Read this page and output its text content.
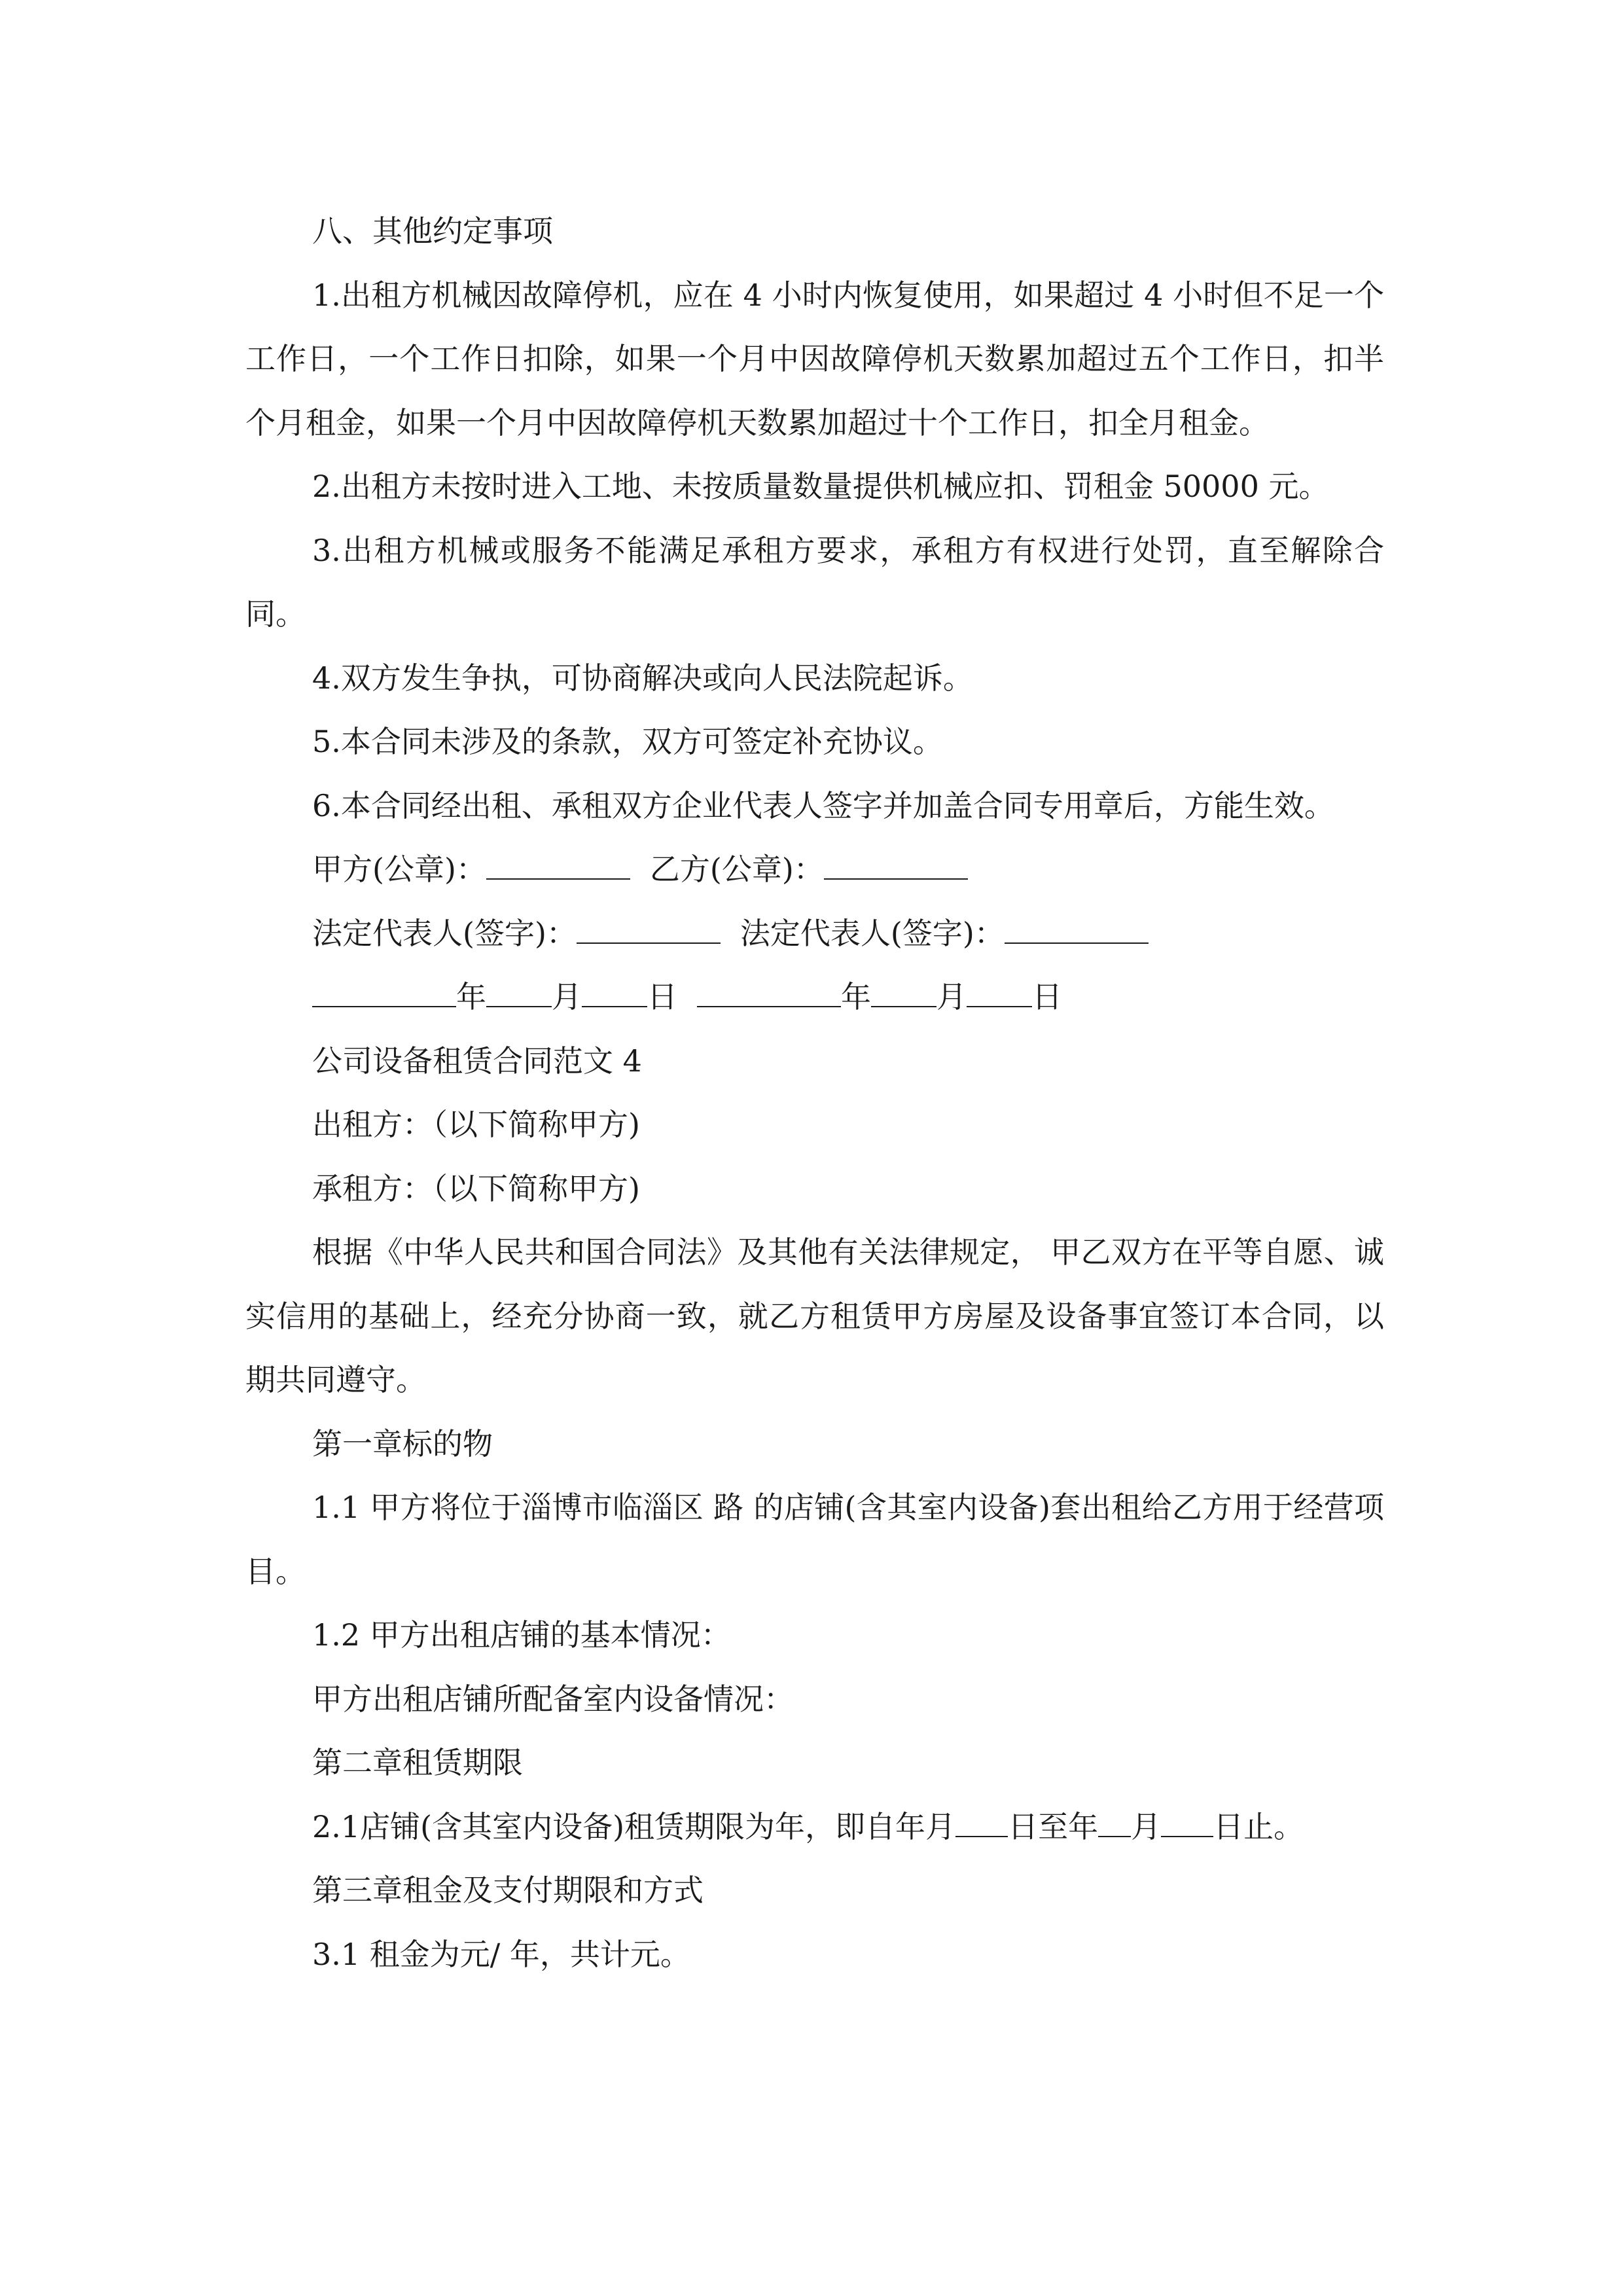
八、其他约定事项

1.出租方机械因故障停机，应在 4 小时内恢复使用，如果超过 4 小时但不足一个工作日，一个工作日扣除，如果一个月中因故障停机天数累加超过五个工作日，扣半个月租金，如果一个月中因故障停机天数累加超过十个工作日，扣全月租金。

2.出租方未按时进入工地、未按质量数量提供机械应扣、罚租金 50000 元。

3.出租方机械或服务不能满足承租方要求，承租方有权进行处罚，直至解除合同。

4.双方发生争执，可协商解决或向人民法院起诉。
5.本合同未涉及的条款，双方可签定补充协议。
6.本合同经出租、承租双方企业代表人签字并加盖合同专用章后，方能生效。
甲方(公章)：	乙方(公章)：
法定代表人(签字)：	法定代表人(签字)：
年 月 日	年 月 日
公司设备租赁合同范文 4
出租方：（以下简称甲方)
承租方：（以下简称甲方)

根据《中华人民共和国合同法》及其他有关法律规定， 甲乙双方在平等自愿、诚实信用的基础上，经充分协商一致，就乙方租赁甲方房屋及设备事宜签订本合同，以期共同遵守。

第一章标的物

1.1 甲方将位于淄博市临淄区 路 的店铺(含其室内设备)套出租给乙方用于经营项目。

1.2 甲方出租店铺的基本情况：
甲方出租店铺所配备室内设备情况：
第二章租赁期限
2.1店铺(含其室内设备)租赁期限为年，即自年月 日至年 月 日止。
第三章租金及支付期限和方式
3.1 租金为元/ 年，共计元。
